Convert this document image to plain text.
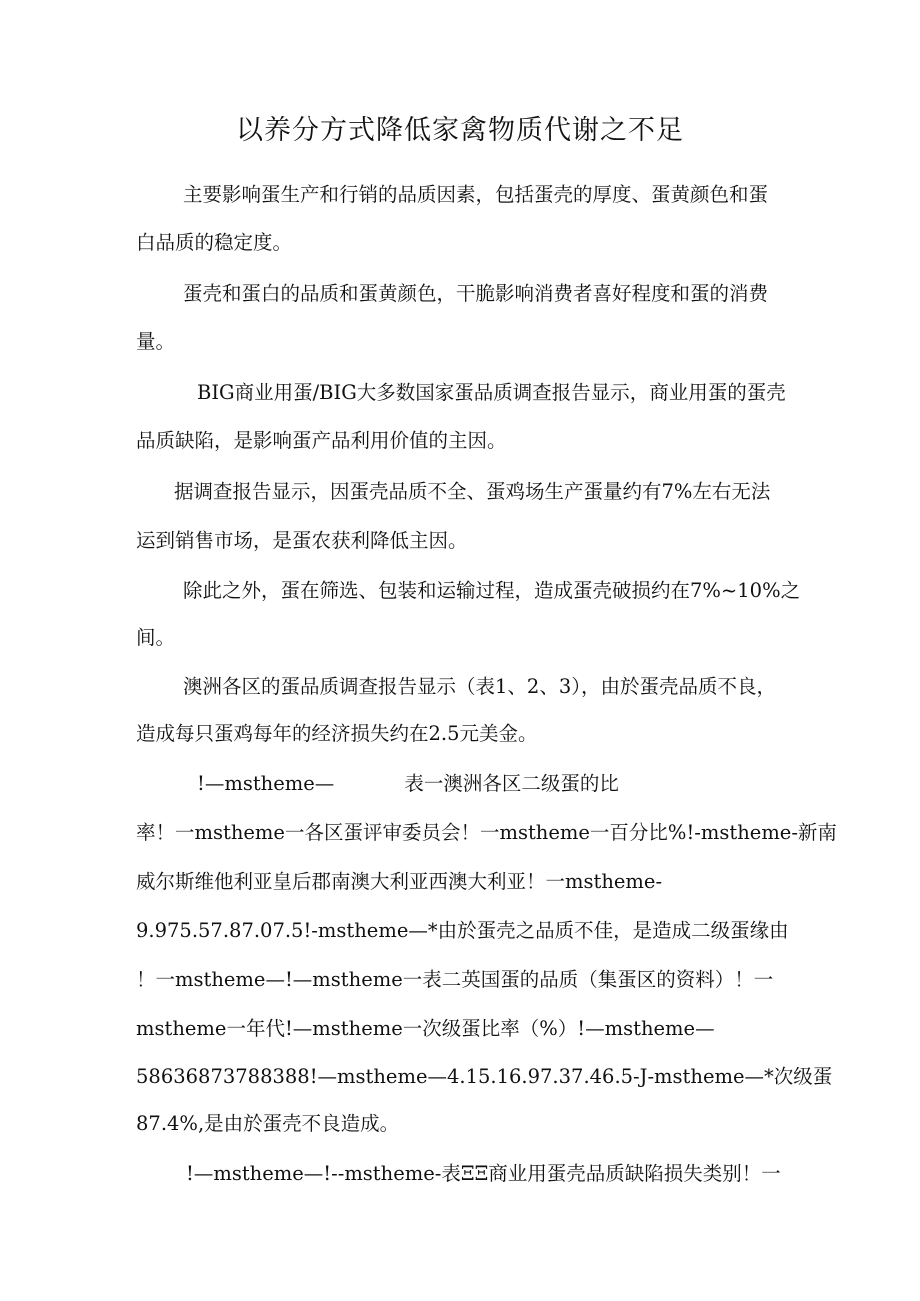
以养分方式降低家禽物质代谢之不足
主要影响蛋生产和行销的品质因素，包括蛋壳的厚度、蛋黄颜色和蛋
白品质的稳定度。
蛋壳和蛋白的品质和蛋黄颜色，干脆影响消费者喜好程度和蛋的消费
量。
BIG商业用蛋/BIG大多数国家蛋品质调查报告显示，商业用蛋的蛋壳
品质缺陷，是影响蛋产品利用价值的主因。
据调查报告显示，因蛋壳品质不全、蛋鸡场生产蛋量约有7%左右无法
运到销售市场，是蛋农获利降低主因。
除此之外，蛋在筛选、包装和运输过程，造成蛋壳破损约在7%~10%之
间。
澳洲各区的蛋品质调查报告显示（表1、2、3），由於蛋壳品质不良，
造成每只蛋鸡每年的经济损失约在2.5元美金。
!—mstheme—	表一澳洲各区二级蛋的比
率！一mstheme一各区蛋评审委员会！一mstheme一百分比%!-mstheme-新南
威尔斯维他利亚皇后郡南澳大利亚西澳大利亚！一mstheme-
9.975.57.87.07.5!-mstheme—*由於蛋壳之品质不佳，是造成二级蛋缘由
！一mstheme—!—mstheme一表二英国蛋的品质（集蛋区的资料）！一
mstheme一年代!—mstheme一次级蛋比率（%）!—mstheme—
58636873788388!—mstheme—4.15.16.97.37.46.5-J-mstheme—*次级蛋
87.4%,是由於蛋壳不良造成。
!—mstheme—!--mstheme-表ΞΞ商业用蛋壳品质缺陷损失类别！一
